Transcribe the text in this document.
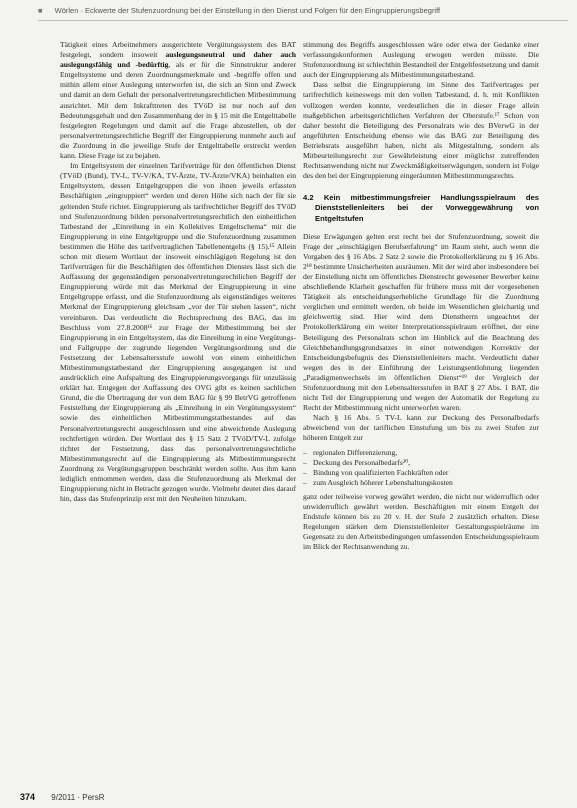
■ Wörlen · Eckwerte der Stufenzuordnung bei der Einstellung in den Dienst und Folgen für den Eingruppierungsbegriff

Tätigkeit eines Arbeitnehmers ausgerichtete Vergütungssystem des BAT festgelegt, sondern insoweit auslegungsneutral und daher auch auslegungsfähig und -bedürftig, als er für die Sinnstruktur anderer Entgeltsysteme und deren Zuordnungsmerkmale und -begriffe offen und mithin allem einer Auslegung unterworfen ist, die sich an Sinn und Zweck und damit an dem Gehalt der personalvertretungsrechtlichen Mitbestimmung ausrichtet. Mit dem Inkrafttreten des TVöD ist nur noch auf den Bedeutungsgehalt und den Zusammenhang der in § 15 mit die Entgelttabelle festgelegten Regelungen und damit auf die Frage abzustellen, ob der personalvertretungsrechtliche Begriff der Eingruppierung nunmehr auch auf die Zuordnung in die jeweilige Stufe der Entgelttabelle erstreckt werden kann. Diese Frage ist zu bejahen.

Im Entgeltsystem der einzelnen Tarifverträge für den öffentlichen Dienst (TVöD (Bund), TV-L, TV-V/KA, TV-Ärzte, TV-Ärzte/VKA) beinhalten ein Entgeltsystem, dessen Entgeltgruppen die von ihnen jeweils erfassten Beschäftigten „eingruppiert“ werden und deren Höhe sich nach der für sie geltenden Stufe richtet. Eingruppierung als tarifrechtlicher Begriff des TVöD und Stufenzuordnung bilden personalvertretungsrechtlich den einheitlichen Tatbestand der „Einreihung in ein Kollektives Entgeltschema“ mit die Eingruppierung in eine Entgeltgruppe und die Stufenzuordnung zusammen bestimmen die Höhe des tarifvertraglichen Tabellenentgelts (§ 15).¹⁵ Allein schon mit diesem Wortlaut der insoweit einschlägigen Regelung ist den Tarifverträgen für die Beschäftigten des öffentlichen Dienstes lässt sich die Auffassung der gegenständigen personalvertretungsrechtlichen Begriff der Eingruppierung würde mit das Merkmal der Eingruppierung in eine Entgeltgruppe erfasst, und die Stufenzuordnung als eigenständiges weiteres Merkmal der Eingruppierung gleichsam „vor der Tür stehen lassen“, nicht vereinbaren. Das verdeutlicht die Rechtsprechung des BAG, das im Beschluss vom 27.8.2008¹⁶ zur Frage der Mitbestimmung bei der Eingruppierung in ein Entgeltsystem, das die Einreihung in eine Vergütungs- und Fallgruppe der zugrunde liegenden Vergütungsordnung und die Festsetzung der Lebensaltersstufe sowohl von einem einheitlichen Mitbestimmungstatbestand der Eingruppierung ausgegangen ist und ausdrücklich eine Aufspaltung des Eingruppierungsvorgangs für unzulässig erklärt hat. Entgegen der Auffassung des OVG gibt es keinen sachlichen Grund, die die Übertragung der von dem BAG für § 99 BetrVG getroffenen Feststellung der Eingruppierung als „Einreihung in ein Vergütungssystem“ sowie des einheitlichen Mitbestimmungstatbestandes auf das Personalvertretungsrecht ausgeschlossen und eine abweichende Auslegung rechtfertigen würden. Der Wortlaut des § 15 Satz 2 TVöD/TV-L zufolge richtet der Festsetzung, dass das personalvertretungsrechtliche Mitbestimmungsrecht auf die Eingruppierung als Mitbestimmungsrecht Zuordnung zu Vergütungsgruppen beschränkt werden sollte. Aus ihm kann lediglich entnommen werden, dass die Stufenzuordnung als Merkmal der Eingruppierung nicht in Betracht gezogen wurde. Vielmehr deutet dies darauf hin, dass das Stufenprinzip erst mit den Neuheiten hinzukam.

stimmung des Begriffs ausgeschlossen wäre oder etwa der Gedanke einer verfassungskonformen Auslegung erwogen werden müsste. Die Stufenzuordnung ist schlechthin Bestandteil der Entgeltfestsetzung und damit auch der Eingruppierung als Mitbestimmungstatbestand.

Dass selbst die Eingruppierung im Sinne des Tarifvertrages per tarifrechtlich keineswegs mit den vollen Tatbestand, d. h. mit Konflikten vollzogen werden konnte, verdeutlichen die in dieser Frage allein maßgeblichen arbeitsgerichtlichen Verfahren der Oberstufe.¹⁷ Schon von daher besteht die Beteiligung des Personalrats wie des BVerwG in der angeführten Entscheidung ebenso wie das BAG zur Beteiligung des Betriebsrats ausgeführt haben, nicht als Mitgestaltung, sondern als Mitbeurteilungsrecht zur Gewährleistung einer möglichst zutreffenden Rechtsanwendung nicht nur Zweckmäßigkeitserwägungen, sondern ist Folge des den bei der Eingruppierung eingeräumten Mitbestimmungsrechts.

4.2 Kein mitbestimmungsfreier Handlungsspielraum des Dienststellenleiters bei der Vorweggewährung von Entgeltstufen

Diese Erwägungen gelten erst recht bei der Stufenzuordnung, soweit die Frage der „einschlägigen Berufserfahrung“ im Raum steht, auch wenn die Vorgaben des § 16 Abs. 2 Satz 2 sowie die Protokollerklärung zu § 16 Abs. 2¹⁸ bestimmte Unsicherheiten ausräumen. Mit der wird aber insbesondere bei der Einstellung nicht um öffentliches Dienstrecht gewesener Bewerber keine abschließende Klarheit geschaffen für frühere muss mit der vorgesehenen Tätigkeit als entscheidungserhebliche Grundlage für die Zuordnung verglichen und ermittelt werden, ob beide im Wesentlichen gleichartig und gleichwertig sind. Hier wird dem Dienstherrn ungeachtet der Protokollerklärung ein weiter Interpretationsspielraum eröffnet, der eine Beteiligung des Personalrats schon im Hinblick auf die Beachtung des Gleichbehandlungsgrundsatzes in einer notwendigen Korrektiv der Entscheidungsbefugnis des Dienststellenleiters macht. Verdeutlicht daher wegen des in der Einführung der Leistungsentlohnung liegenden „Paradigmenwechsels im öffentlichen Dienst“¹⁹ der Vergleich der Stufenzuordnung mit den Lebensaltersstufen in BAT § 27 Abs. 1 BAT, die nicht Teil der Eingruppierung und wegen der Automatik der Regelung zu Recht der Mitbestimmung nicht unterworfen waren.

Nach § 16 Abs. 5 TV-L kann zur Deckung des Personalbedarfs abweichend von der tariflichen Einstufung um bis zu zwei Stufen zur höheren Entgelt zur

– regionalen Differenzierung,
– Deckung des Personalbedarfs²⁰,
– Bindung von qualifizierten Fachkräften oder
– zum Ausgleich höherer Lebenshaltungskosten

ganz oder teilweise vorweg gewährt werden, die nicht nur widerruflich oder unwiderruflich gewährt werden. Beschäftigten mit einem Entgelt der Endstufe können bis zu 20 v. H. der Stufe 2 zusätzlich erhalten. Diese Regelungen stärken dem Dienststellenleiter Gestaltungsspielräume im Gegensatz zu den Arbeitsbedingungen umfassenden Entscheidungsspielraum im Blick der Rechtsanwendung zu.

374 9/2011 · PersR
